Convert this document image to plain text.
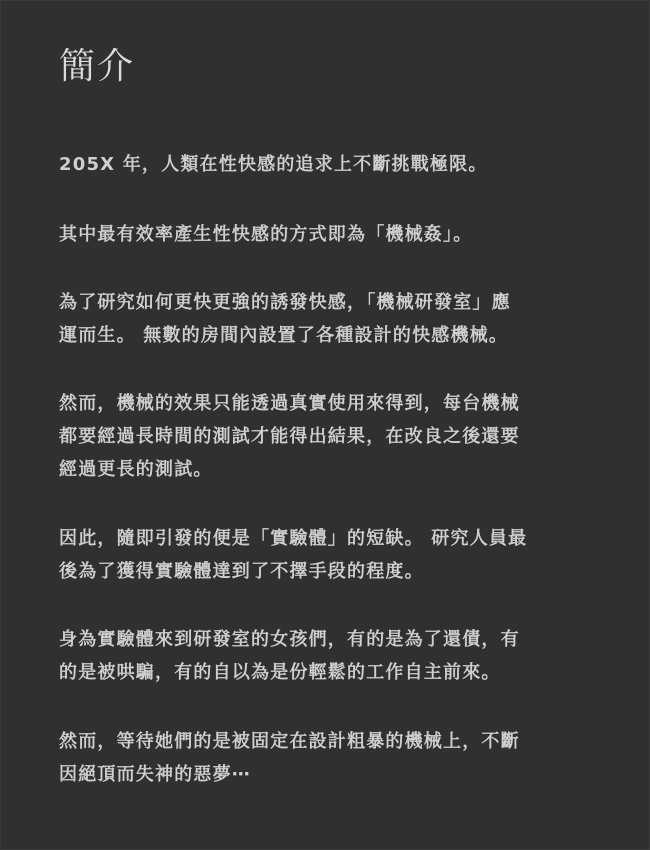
簡介

205X 年，人類在性快感的追求上不斷挑戰極限。

其中最有效率產生性快感的方式即為「機械姦」。

為了研究如何更快更強的誘發快感，「機械研發室」應
運而生。 無數的房間內設置了各種設計的快感機械。

然而，機械的效果只能透過真實使用來得到，每台機械
都要經過長時間的測試才能得出結果，在改良之後還要
經過更長的測試。

因此，隨即引發的便是「實驗體」的短缺。 研究人員最
後為了獲得實驗體達到了不擇手段的程度。

身為實驗體來到研發室的女孩們，有的是為了還債，有
的是被哄騙，有的自以為是份輕鬆的工作自主前來。

然而，等待她們的是被固定在設計粗暴的機械上，不斷
因絕頂而失神的惡夢⋯
